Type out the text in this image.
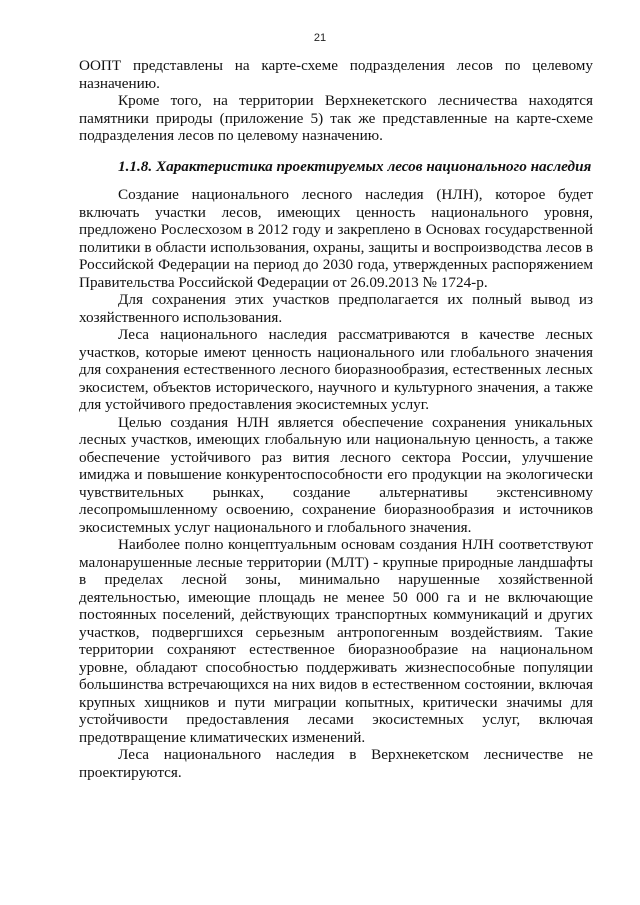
21

ООПТ представлены на карте-схеме подразделения лесов по целевому назначению.

Кроме того, на территории Верхнекетского лесничества находятся памятники природы (приложение 5) так же представленные на карте-схеме подразделения лесов по целевому назначению.

1.1.8. Характеристика проектируемых лесов национального наследия

Создание национального лесного наследия (НЛН), которое будет включать участки лесов, имеющих ценность национального уровня, предложено Рослесхозом в 2012 году и закреплено в Основах государственной политики в области использования, охраны, защиты и воспроизводства лесов в Российской Федерации на период до 2030 года, утвержденных распоряжением Правительства Российской Федерации от 26.09.2013 № 1724-р.

Для сохранения этих участков предполагается их полный вывод из хозяйственного использования.

Леса национального наследия рассматриваются в качестве лесных участков, которые имеют ценность национального или глобального значения для сохранения естественного лесного биоразнообразия, естественных лесных экосистем, объектов исторического, научного и культурного значения, а также для устойчивого предоставления экосистемных услуг.

Целью создания НЛН является обеспечение сохранения уникальных лесных участков, имеющих глобальную или национальную ценность, а также обеспечение устойчивого раз вития лесного сектора России, улучшение имиджа и повышение конкурентоспособности его продукции на экологически чувствительных рынках, создание альтернативы экстенсивному лесопромышленному освоению, сохранение биоразнообразия и источников экосистемных услуг национального и глобального значения.

Наиболее полно концептуальным основам создания НЛН соответствуют малонарушенные лесные территории (МЛТ) - крупные природные ландшафты в пределах лесной зоны, минимально нарушенные хозяйственной деятельностью, имеющие площадь не менее 50 000 га и не включающие постоянных поселений, действующих транспортных коммуникаций и других участков, подвергшихся серьезным антропогенным воздействиям. Такие территории сохраняют естественное биоразнообразие на национальном уровне, обладают способностью поддерживать жизнеспособные популяции большинства встречающихся на них видов в естественном состоянии, включая крупных хищников и пути миграции копытных, критически значимы для устойчивости предоставления лесами экосистемных услуг, включая предотвращение климатических изменений.

Леса национального наследия в Верхнекетском лесничестве не проектируются.
